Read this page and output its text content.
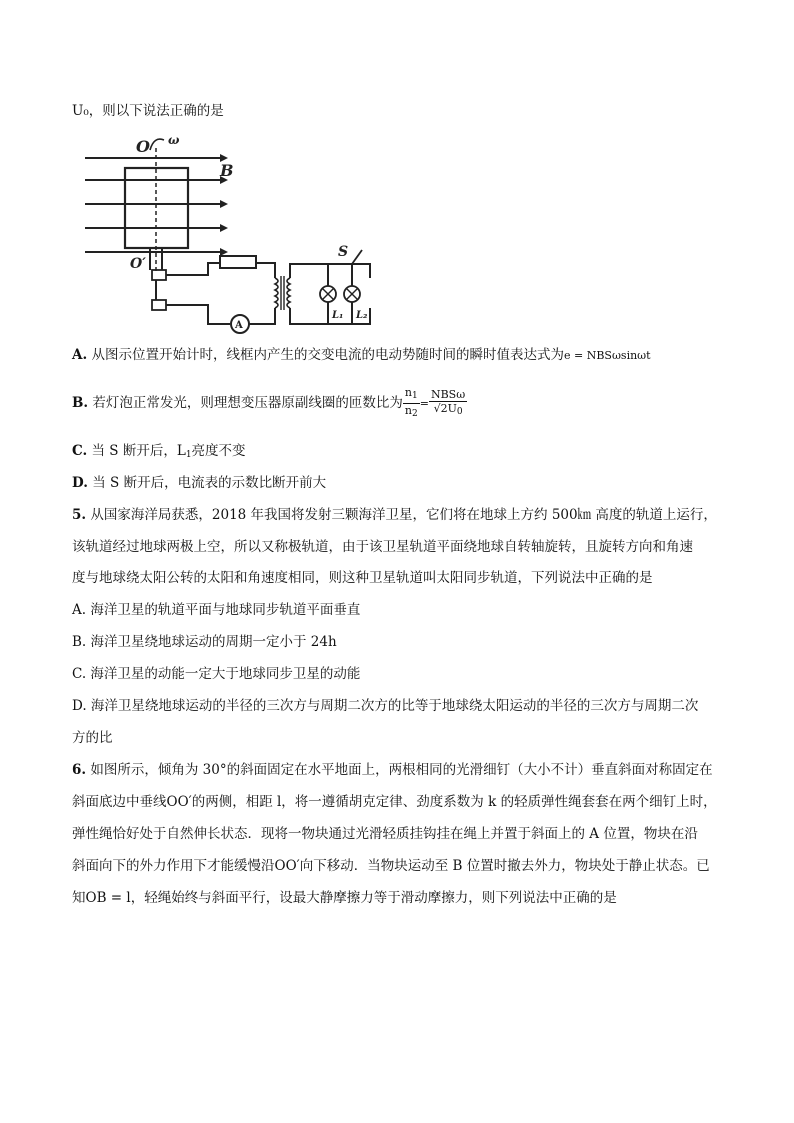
U₀，则以下说法正确的是
ω
O
B
O′
S
L₁ L₂
A
A. 从图示位置开始计时，线框内产生的交变电流的电动势随时间的瞬时值表达式为e = NBSωsinωt
B. 若灯泡正常发光，则理想变压器原副线圈的匝数比为 $\frac{n_1}{n_2} = \frac{\text{NBSω}}{√2U_0}$
C. 当 S 断开后，$L_1$亮度不变
D. 当 S 断开后，电流表的示数比断开前大
5. 从国家海洋局获悉，2018 年我国将发射三颗海洋卫星，它们将在地球上方约 500㎞ 高度的轨道上运行，
该轨道经过地球两极上空，所以又称极轨道，由于该卫星轨道平面绕地球自转轴旋转，且旋转方向和角速
度与地球绕太阳公转的太阳和角速度相同，则这种卫星轨道叫太阳同步轨道，下列说法中正确的是
A. 海洋卫星的轨道平面与地球同步轨道平面垂直
B. 海洋卫星绕地球运动的周期一定小于 24h
C. 海洋卫星的动能一定大于地球同步卫星的动能
D. 海洋卫星绕地球运动的半径的三次方与周期二次方的比等于地球绕太阳运动的半径的三次方与周期二次
方的比
6. 如图所示，倾角为 30°的斜面固定在水平地面上，两根相同的光滑细钉（大小不计）垂直斜面对称固定在
斜面底边中垂线OO′的两侧，相距 l，将一遵循胡克定律、劲度系数为 k 的轻质弹性绳套套在两个细钉上时，
弹性绳恰好处于自然伸长状态．现将一物块通过光滑轻质挂钩挂在绳上并置于斜面上的 A 位置，物块在沿
斜面向下的外力作用下才能缓慢沿OO′向下移动．当物块运动至 B 位置时撤去外力，物块处于静止状态。已
知OB = l，轻绳始终与斜面平行，设最大静摩擦力等于滑动摩擦力，则下列说法中正确的是
